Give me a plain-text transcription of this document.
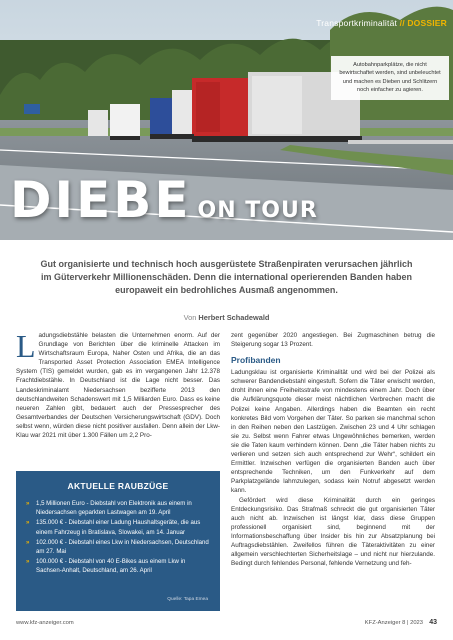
Transportkriminalität // DOSSIER
Autobahnparkplätze, die nicht bewirtschaftet werden, sind unbeleuchtet und machen es Dieben und Schlitzern noch einfacher zu agieren.
DIEBE ON TOUR
Gut organisierte und technisch hoch ausgerüstete Straßenpiraten verursachen jährlich im Güterverkehr Millionenschäden. Denn die international operierenden Banden haben europaweit ein bedrohliches Ausmaß angenommen.
Von Herbert Schadewald
Ladungsdiebstähle belasten die Unternehmen enorm. Auf der Grundlage von Berichten über die kriminelle Attacken im Wirtschaftsraum Europa, Naher Osten und Afrika, die an das Transported Asset Protection Association EMEA Intelligence System (TIS) gemeldet wurden, gab es im vergangenen Jahr 12.378 Frachtdiebstähle. In Deutschland ist die Lage nicht besser. Das Landeskriminalamt Niedersachsen bezifferte 2013 den deutschlandweiten Schadenswert mit 1,5 Milliarden Euro. Dass es keine neueren Zahlen gibt, bedauert auch der Pressesprecher des Gesamtverbandes der Deutschen Versicherungswirtschaft (GDV). Doch selbst wenn, würden diese nicht positiver ausfallen. Denn allein der Lkw-Klau war 2021 mit über 1.300 Fällen um 2,2 Pro-
zent gegenüber 2020 angestiegen. Bei Zugmaschinen betrug die Steigerung sogar 13 Prozent.
Profibanden
Ladungsklau ist organisierte Kriminalität und wird bei der Polizei als schwerer Bandendiebstahl eingestuft. Sofern die Täter erwischt werden, droht ihnen eine Freiheitsstrafe von mindestens einem Jahr. Doch über die Aufklärungsquote dieser meist nächtlichen Verbrechen macht die Polizei keine Angaben. Allerdings haben die Beamten ein recht konkretes Bild vom Vorgehen der Täter. So parken sie manchmal schon in den Reihen neben den Lastzügen. Zwischen 23 und 4 Uhr schlagen sie zu. Selbst wenn Fahrer etwas Ungewöhnliches bemerken, werden sie die Taten kaum verhindern können. Denn „die Täter haben nichts zu verlieren und setzen sich auch entsprechend zur Wehr“, schildert ein Ermittler. Inzwischen verfügen die organisierten Banden auch über entsprechende Techniken, um den Funkverkehr auf dem Parkplatzgelände lahmzulegen, sodass kein Notruf abgesetzt werden kann.
Gefördert wird diese Kriminalität durch ein geringes Entdeckungsrisiko. Das Strafmaß schreckt die gut organisierten Täter auch nicht ab. Inzwischen ist längst klar, dass diese Gruppen professionell organisiert sind, beginnend mit der Informationsbeschaffung über Insider bis hin zur Absatzplanung bei Auftragsdiebstählen. Zweifellos führen die Täteraktivitäten zu einer allgemein verschlechterten Sicherheitslage – und nicht nur hierzulande. Bedingt durch fehlendes Personal, fehlende Vernetzung und feh-
AKTUELLE RAUBZÜGE
» 1,5 Millionen Euro - Diebstahl von Elektronik aus einem in Niedersachsen geparkten Lastwagen am 19. April
» 135.000 € - Diebstahl einer Ladung Haushaltsgeräte, die aus einem Fahrzeug in Bratislava, Slowakei, am 14. Januar
» 102.000 € - Diebstahl eines Lkw in Niedersachsen, Deutschland am 27. Mai
» 100.000 € - Diebstahl von 40 E-Bikes aus einem Lkw in Sachsen-Anhalt, Deutschland, am 26. April
Quelle: Tapa Emea
www.kfz-anzeiger.com	KFZ-Anzeiger 8 | 2023 43
